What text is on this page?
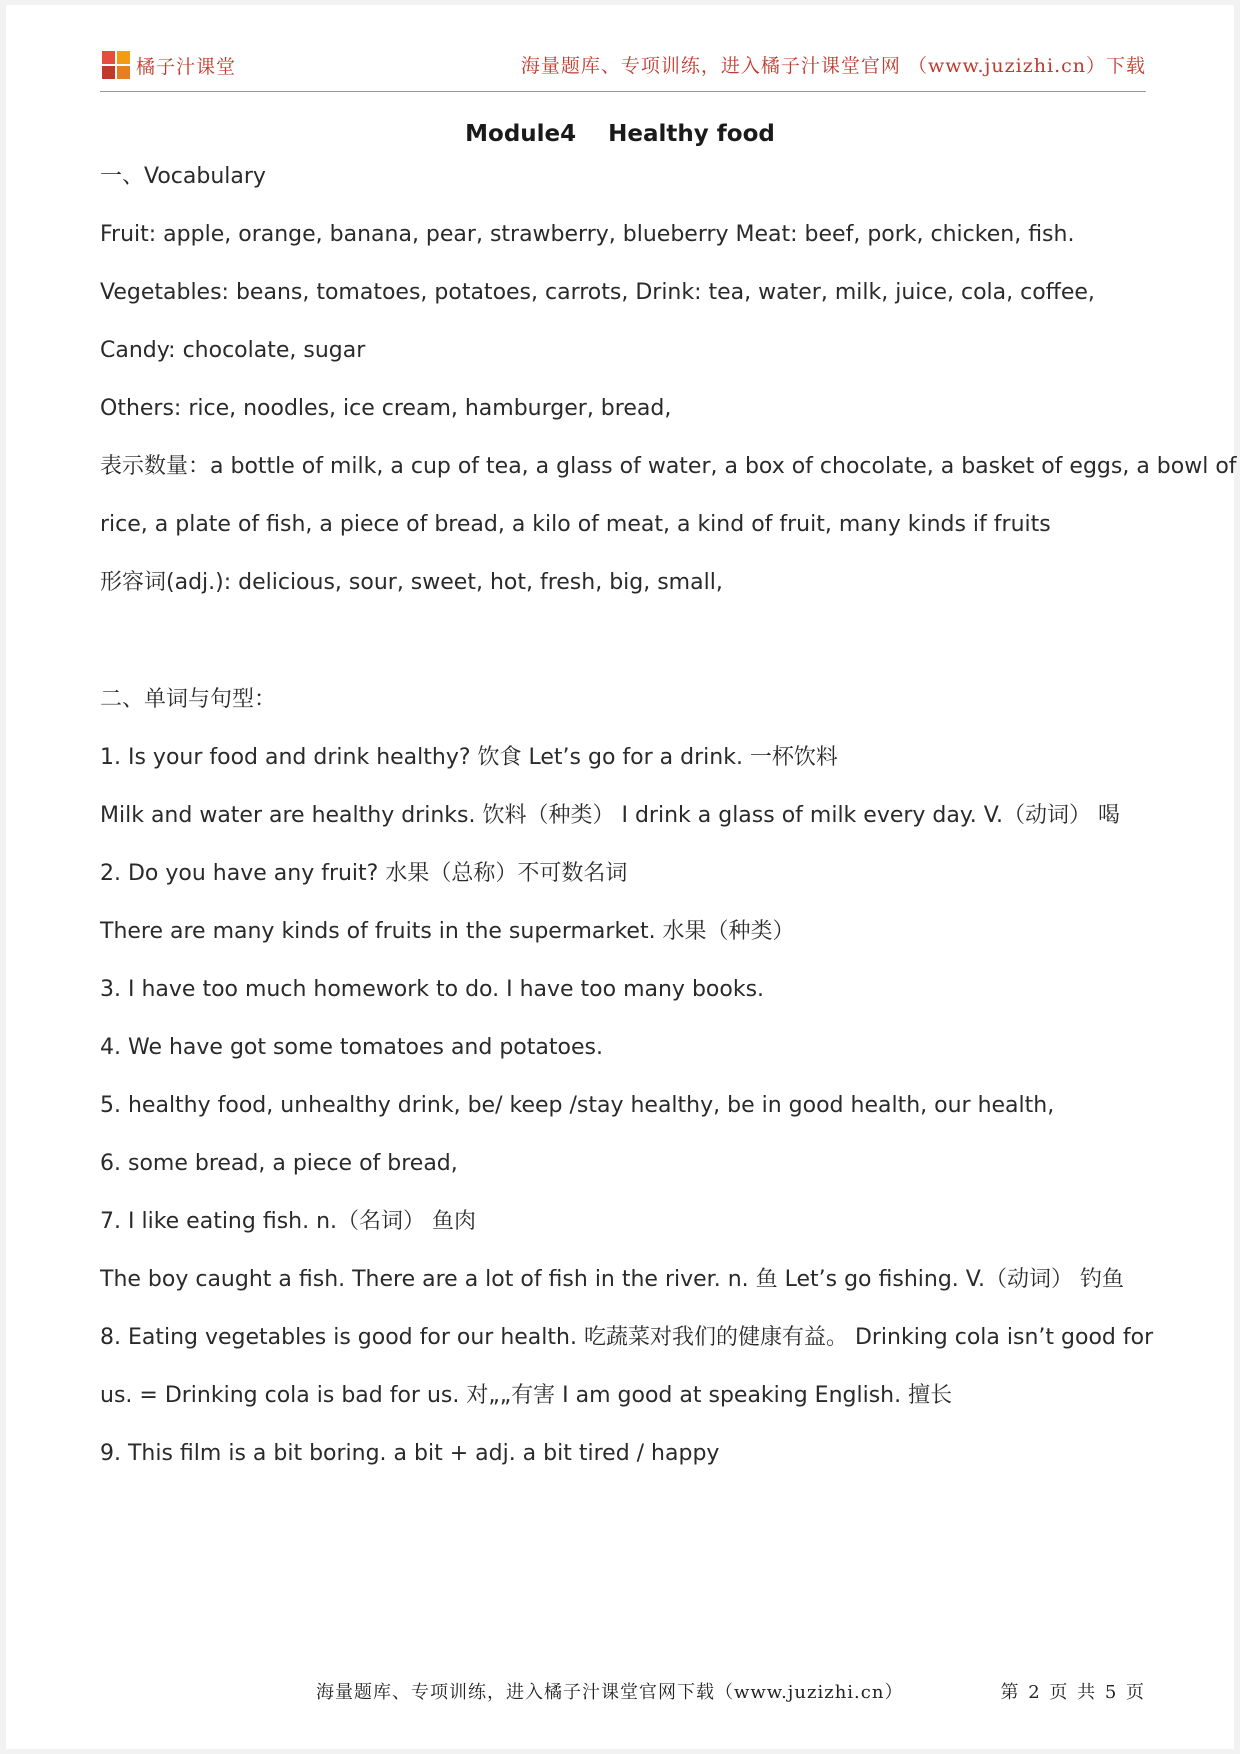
橘子汁课堂	海量题库、专项训练，进入橘子汁课堂官网 （www.juzizhi.cn）下载
Module4 Healthy food
一、Vocabulary
Fruit: apple, orange, banana, pear, strawberry, blueberry Meat: beef, pork, chicken, fish.
Vegetables: beans, tomatoes, potatoes, carrots, Drink: tea, water, milk, juice, cola, coffee,
Candy: chocolate, sugar
Others: rice, noodles, ice cream, hamburger, bread,
表示数量：a bottle of milk, a cup of tea, a glass of water, a box of chocolate, a basket of eggs, a bowl of
rice, a plate of fish, a piece of bread, a kilo of meat, a kind of fruit, many kinds if fruits
形容词(adj.): delicious, sour, sweet, hot, fresh, big, small,
二、单词与句型：
1. Is your food and drink healthy? 饮食 Let’s go for a drink. 一杯饮料
Milk and water are healthy drinks. 饮料（种类） I drink a glass of milk every day. V.（动词） 喝
2. Do you have any fruit? 水果（总称）不可数名词
There are many kinds of fruits in the supermarket. 水果（种类）
3. I have too much homework to do. I have too many books.
4. We have got some tomatoes and potatoes.
5. healthy food, unhealthy drink, be/ keep /stay healthy, be in good health, our health,
6. some bread, a piece of bread,
7. I like eating fish. n.（名词） 鱼肉
The boy caught a fish. There are a lot of fish in the river. n. 鱼 Let’s go fishing. V.（动词） 钓鱼
8. Eating vegetables is good for our health. 吃蔬菜对我们的健康有益。 Drinking cola isn’t good for
us. = Drinking cola is bad for us. 对„„有害 I am good at speaking English. 擅长
9. This film is a bit boring. a bit + adj. a bit tired / happy
海量题库、专项训练，进入橘子汁课堂官网下载（www.juzizhi.cn）	第 2 页 共 5 页
